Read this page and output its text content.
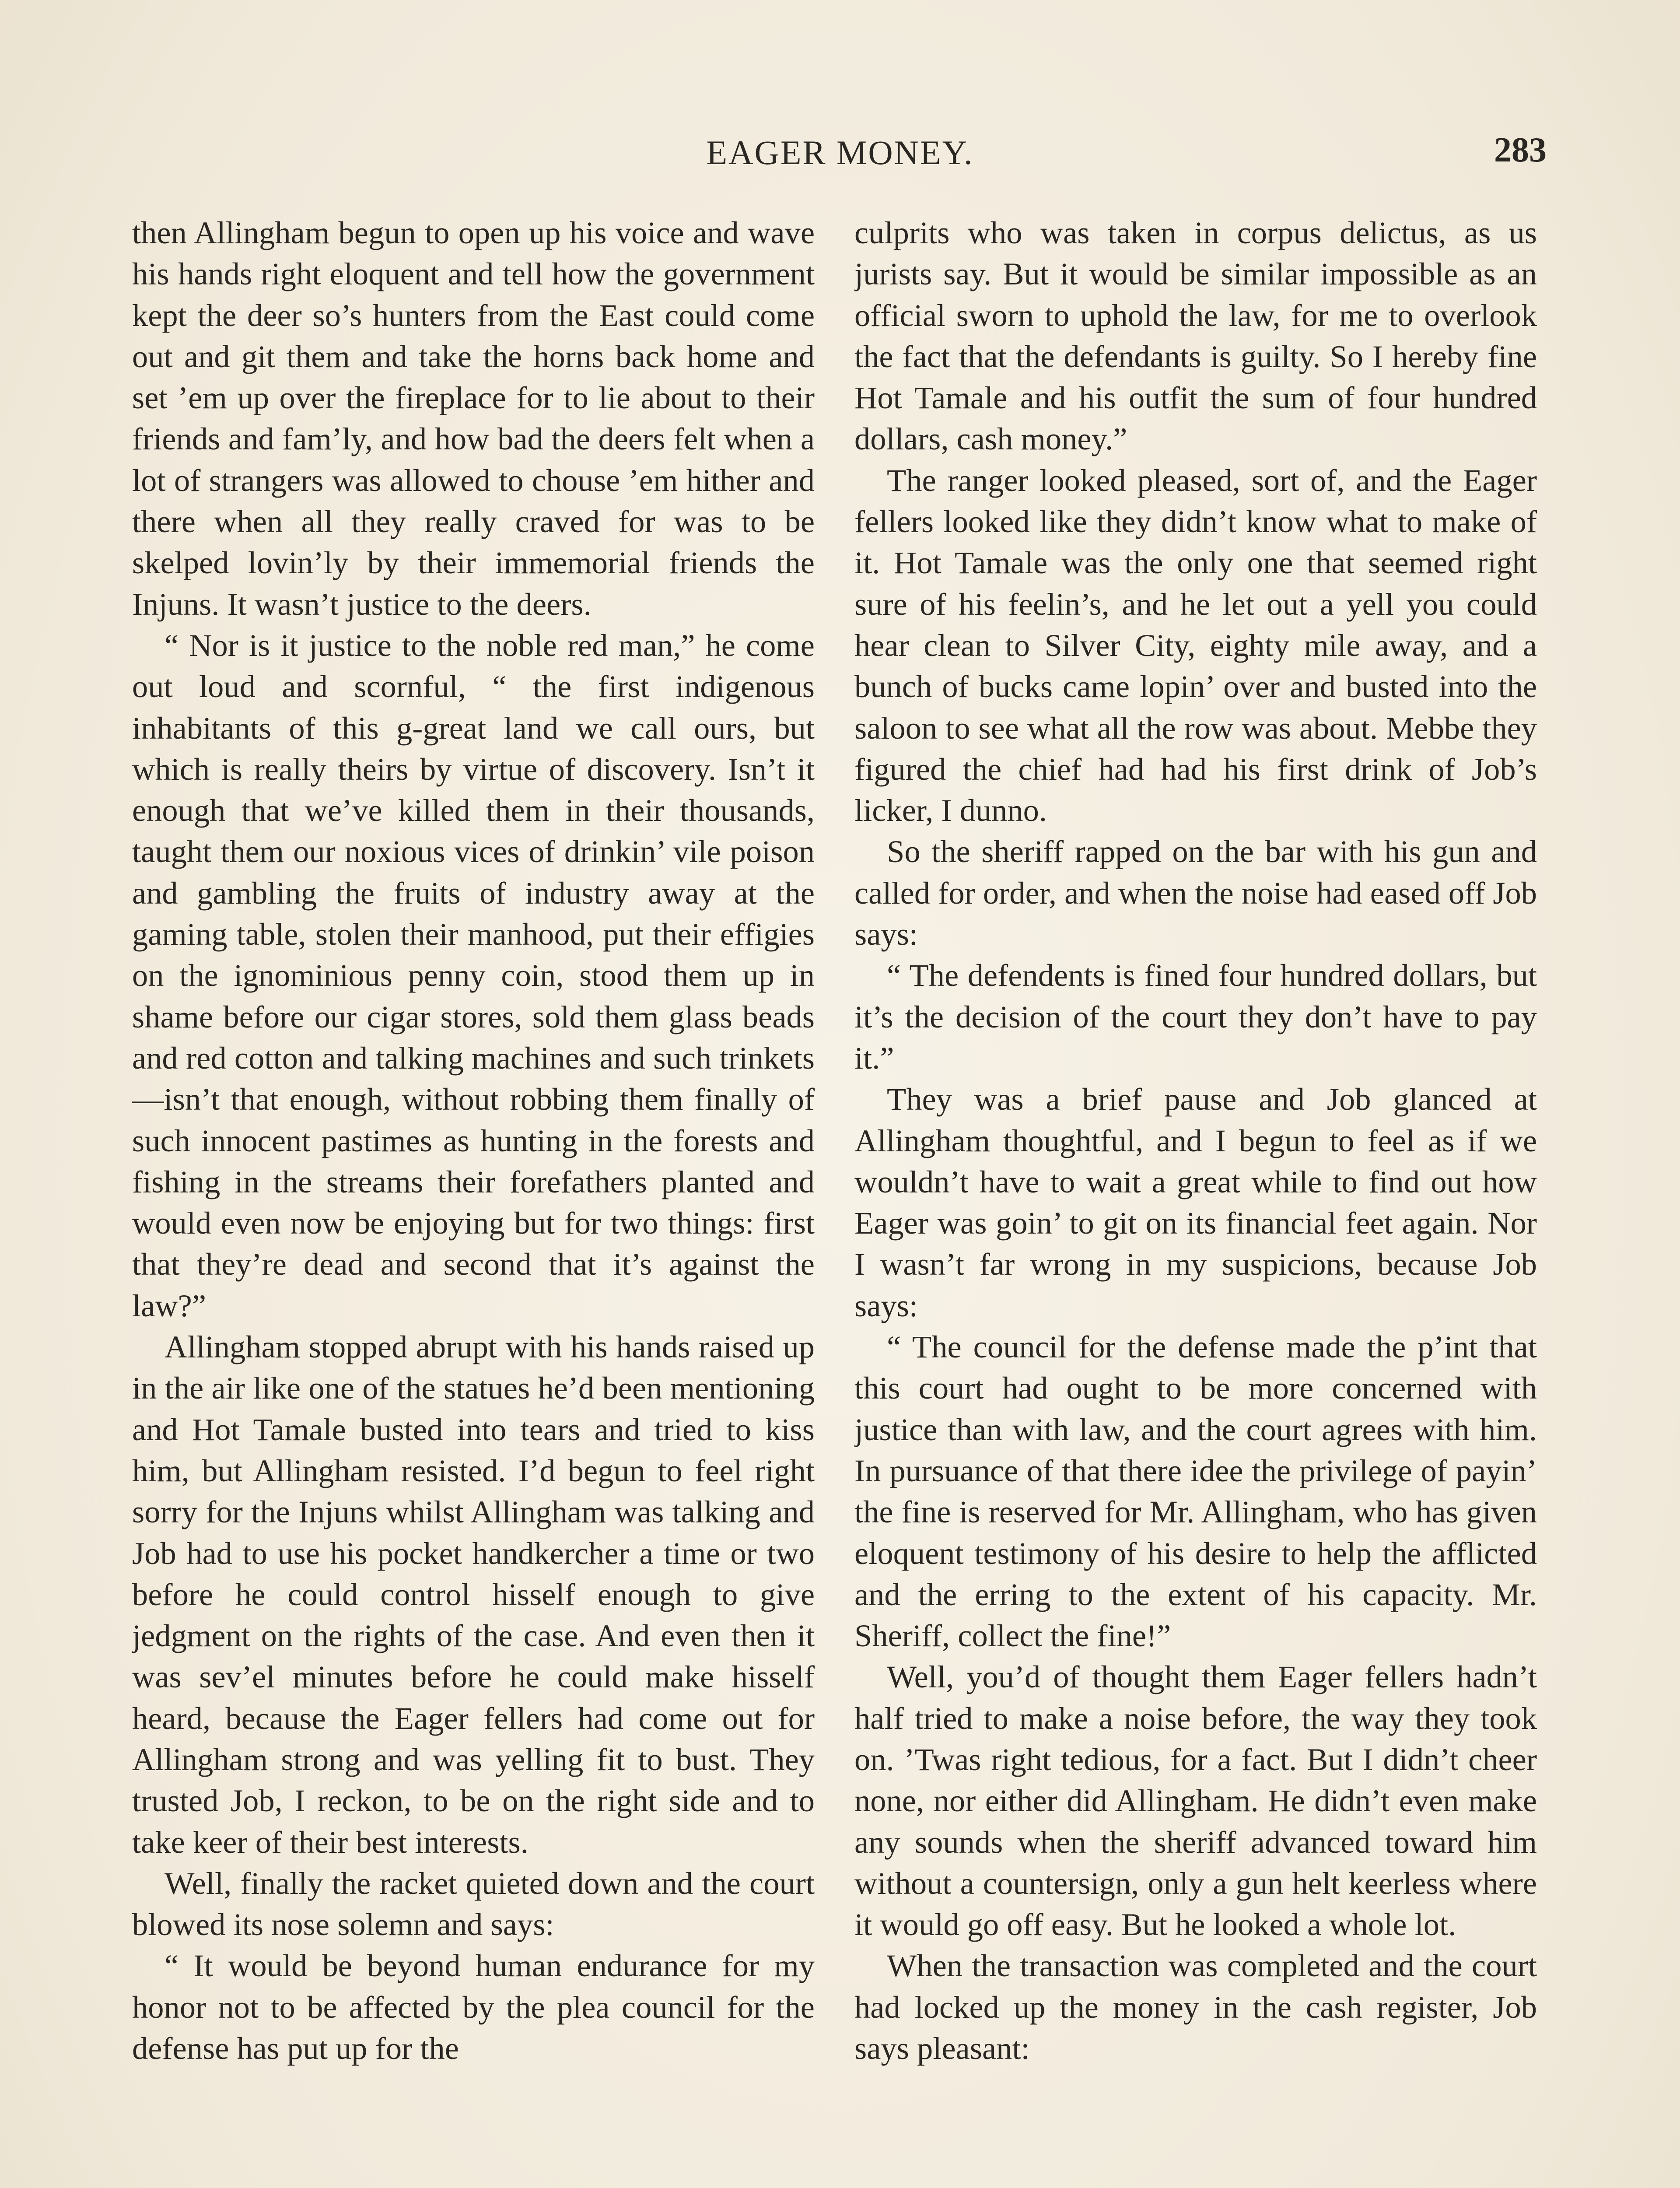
EAGER MONEY.	283

then Allingham begun to open up his voice and wave his hands right eloquent and tell how the government kept the deer so’s hunters from the East could come out and git them and take the horns back home and set ’em up over the fireplace for to lie about to their friends and fam’ly, and how bad the deers felt when a lot of strangers was allowed to chouse ’em hither and there when all they really craved for was to be skelped lovin’ly by their immemorial friends the Injuns. It wasn’t justice to the deers.

“ Nor is it justice to the noble red man,” he come out loud and scornful, “ the first indigenous inhabitants of this g-great land we call ours, but which is really theirs by virtue of discovery. Isn’t it enough that we’ve killed them in their thousands, taught them our noxious vices of drinkin’ vile poison and gambling the fruits of industry away at the gaming table, stolen their manhood, put their effigies on the ignominious penny coin, stood them up in shame before our cigar stores, sold them glass beads and red cotton and talking machines and such trinkets—isn’t that enough, without robbing them finally of such innocent pastimes as hunting in the forests and fishing in the streams their forefathers planted and would even now be enjoying but for two things: first that they’re dead and second that it’s against the law?”

Allingham stopped abrupt with his hands raised up in the air like one of the statues he’d been mentioning and Hot Tamale busted into tears and tried to kiss him, but Allingham resisted. I’d begun to feel right sorry for the Injuns whilst Allingham was talking and Job had to use his pocket handkercher a time or two before he could control hisself enough to give jedgment on the rights of the case. And even then it was sev’el minutes before he could make hisself heard, because the Eager fellers had come out for Allingham strong and was yelling fit to bust. They trusted Job, I reckon, to be on the right side and to take keer of their best interests.

Well, finally the racket quieted down and the court blowed its nose solemn and says:

“ It would be beyond human endurance for my honor not to be affected by the plea council for the defense has put up for the

culprits who was taken in corpus delictus, as us jurists say. But it would be similar impossible as an official sworn to uphold the law, for me to overlook the fact that the defendants is guilty. So I hereby fine Hot Tamale and his outfit the sum of four hundred dollars, cash money.”

The ranger looked pleased, sort of, and the Eager fellers looked like they didn’t know what to make of it. Hot Tamale was the only one that seemed right sure of his feelin’s, and he let out a yell you could hear clean to Silver City, eighty mile away, and a bunch of bucks came lopin’ over and busted into the saloon to see what all the row was about. Mebbe they figured the chief had had his first drink of Job’s licker, I dunno.

So the sheriff rapped on the bar with his gun and called for order, and when the noise had eased off Job says:

“ The defendents is fined four hundred dollars, but it’s the decision of the court they don’t have to pay it.”

They was a brief pause and Job glanced at Allingham thoughtful, and I begun to feel as if we wouldn’t have to wait a great while to find out how Eager was goin’ to git on its financial feet again. Nor I wasn’t far wrong in my suspicions, because Job says:

“ The council for the defense made the p’int that this court had ought to be more concerned with justice than with law, and the court agrees with him. In pursuance of that there idee the privilege of payin’ the fine is reserved for Mr. Allingham, who has given eloquent testimony of his desire to help the afflicted and the erring to the extent of his capacity. Mr. Sheriff, collect the fine!”

Well, you’d of thought them Eager fellers hadn’t half tried to make a noise before, the way they took on. ’Twas right tedious, for a fact. But I didn’t cheer none, nor either did Allingham. He didn’t even make any sounds when the sheriff advanced toward him without a countersign, only a gun helt keerless where it would go off easy. But he looked a whole lot.

When the transaction was completed and the court had locked up the money in the cash register, Job says pleasant:
